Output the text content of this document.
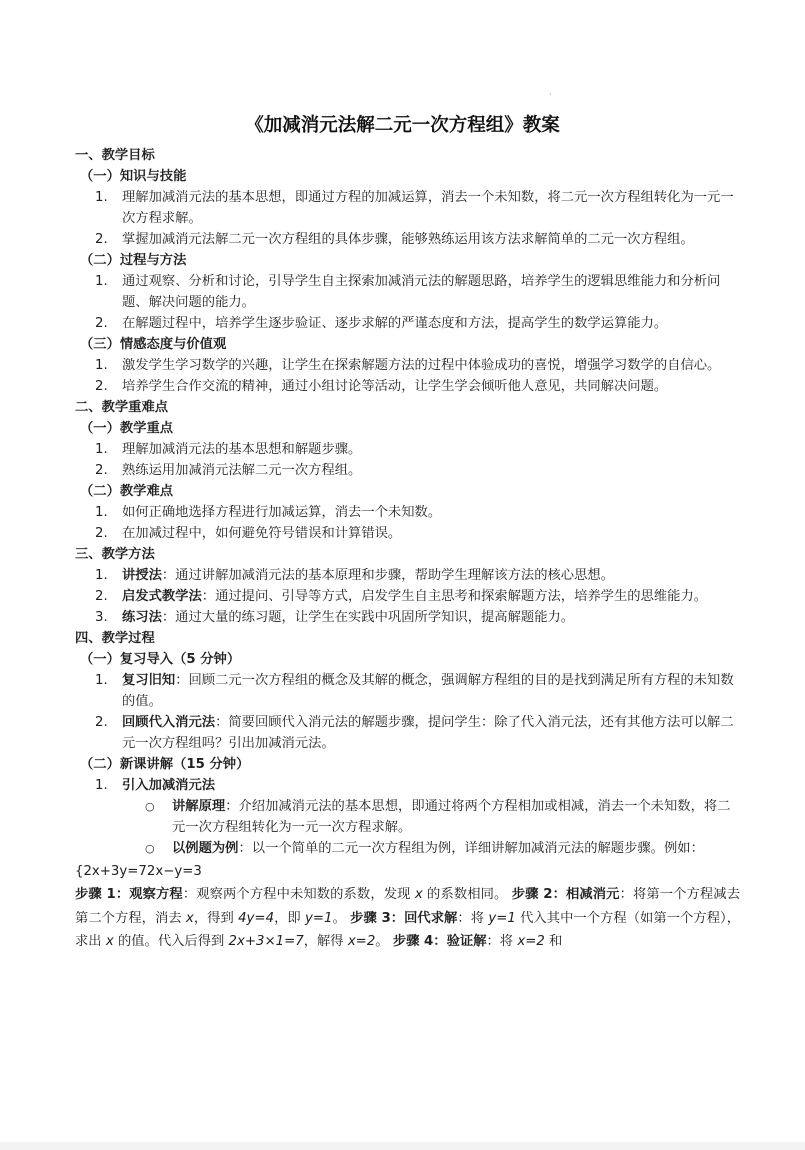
·
《加减消元法解二元一次方程组》教案
一、教学目标
（一）知识与技能
1. 理解加减消元法的基本思想，即通过方程的加减运算，消去一个未知数，将二元一次方程组转化为一元一次方程求解。
2. 掌握加减消元法解二元一次方程组的具体步骤，能够熟练运用该方法求解简单的二元一次方程组。
（二）过程与方法
1. 通过观察、分析和讨论，引导学生自主探索加减消元法的解题思路，培养学生的逻辑思维能力和分析问题、解决问题的能力。
2. 在解题过程中，培养学生逐步验证、逐步求解的严谨态度和方法，提高学生的数学运算能力。
（三）情感态度与价值观
1. 激发学生学习数学的兴趣，让学生在探索解题方法的过程中体验成功的喜悦，增强学习数学的自信心。
2. 培养学生合作交流的精神，通过小组讨论等活动，让学生学会倾听他人意见，共同解决问题。
二、教学重难点
（一）教学重点
1. 理解加减消元法的基本思想和解题步骤。
2. 熟练运用加减消元法解二元一次方程组。
（二）教学难点
1. 如何正确地选择方程进行加减运算，消去一个未知数。
2. 在加减过程中，如何避免符号错误和计算错误。
三、教学方法
1. 讲授法：通过讲解加减消元法的基本原理和步骤，帮助学生理解该方法的核心思想。
2. 启发式教学法：通过提问、引导等方式，启发学生自主思考和探索解题方法，培养学生的思维能力。
3. 练习法：通过大量的练习题，让学生在实践中巩固所学知识，提高解题能力。
四、教学过程
（一）复习导入（5 分钟）
1. 复习旧知：回顾二元一次方程组的概念及其解的概念，强调解方程组的目的是找到满足所有方程的未知数的值。
2. 回顾代入消元法：简要回顾代入消元法的解题步骤，提问学生：除了代入消元法，还有其他方法可以解二元一次方程组吗？引出加减消元法。
（二）新课讲解（15 分钟）
1. 引入加减消元法
○ 讲解原理：介绍加减消元法的基本思想，即通过将两个方程相加或相减，消去一个未知数，将二元一次方程组转化为一元一次方程求解。
○ 以例题为例：以一个简单的二元一次方程组为例，详细讲解加减消元法的解题步骤。例如：
{2x+3y=72x−y=3
步骤 1：观察方程：观察两个方程中未知数的系数，发现 x 的系数相同。 步骤 2：相减消元：将第一个方程减去第二个方程，消去 x，得到 4y=4，即 y=1。 步骤 3：回代求解：将 y=1 代入其中一个方程（如第一个方程），求出 x 的值。代入后得到 2x+3×1=7，解得 x=2。 步骤 4：验证解：将 x=2 和
